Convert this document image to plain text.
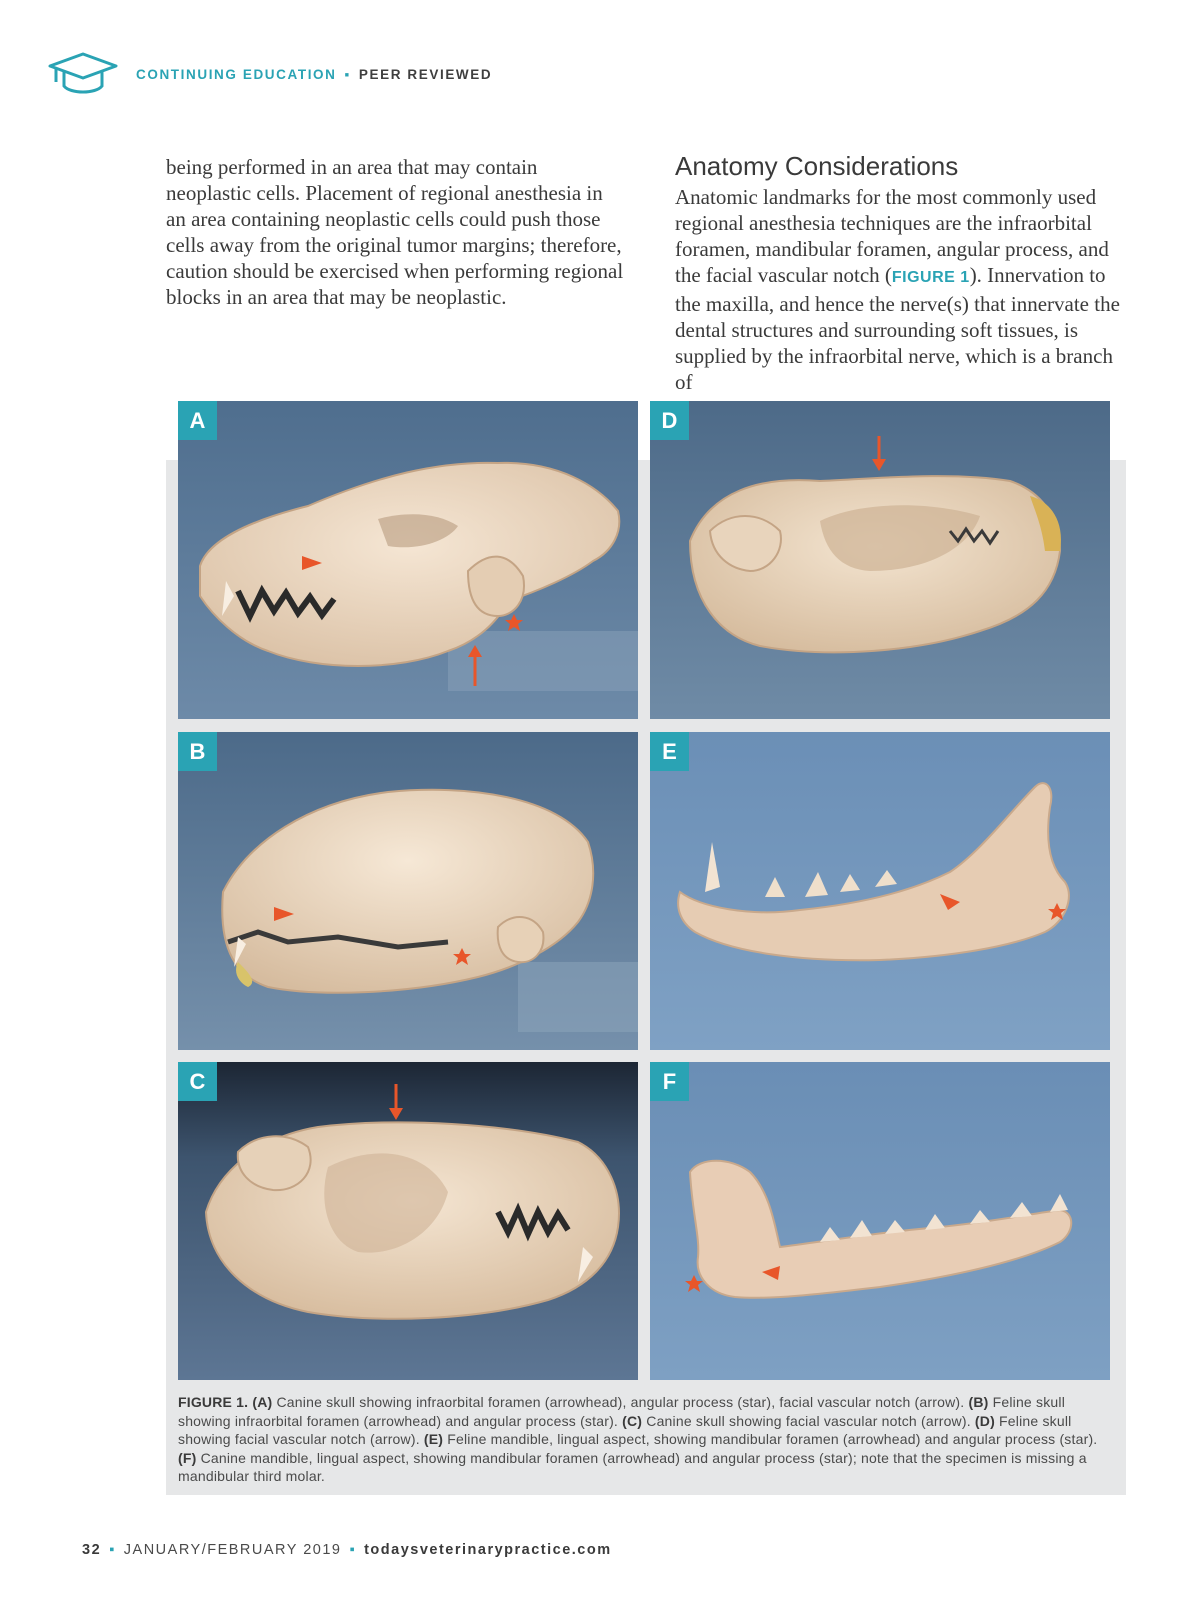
CONTINUING EDUCATION ▪ PEER REVIEWED

being performed in an area that may contain neoplastic cells. Placement of regional anesthesia in an area containing neoplastic cells could push those cells away from the original tumor margins; therefore, caution should be exercised when performing regional blocks in an area that may be neoplastic.

Anatomy Considerations

Anatomic landmarks for the most commonly used regional anesthesia techniques are the infraorbital foramen, mandibular foramen, angular process, and the facial vascular notch (FIGURE 1). Innervation to the maxilla, and hence the nerve(s) that innervate the dental structures and surrounding soft tissues, is supplied by the infraorbital nerve, which is a branch of

A	D
B	E
C	F
FIGURE 1. (A) Canine skull showing infraorbital foramen (arrowhead), angular process (star), facial vascular notch (arrow). (B) Feline skull showing infraorbital foramen (arrowhead) and angular process (star). (C) Canine skull showing facial vascular notch (arrow). (D) Feline skull showing facial vascular notch (arrow). (E) Feline mandible, lingual aspect, showing mandibular foramen (arrowhead) and angular process (star). (F) Canine mandible, lingual aspect, showing mandibular foramen (arrowhead) and angular process (star); note that the specimen is missing a mandibular third molar.
32 ▪ JANUARY/FEBRUARY 2019 ▪ todaysveterinarypractice.com
